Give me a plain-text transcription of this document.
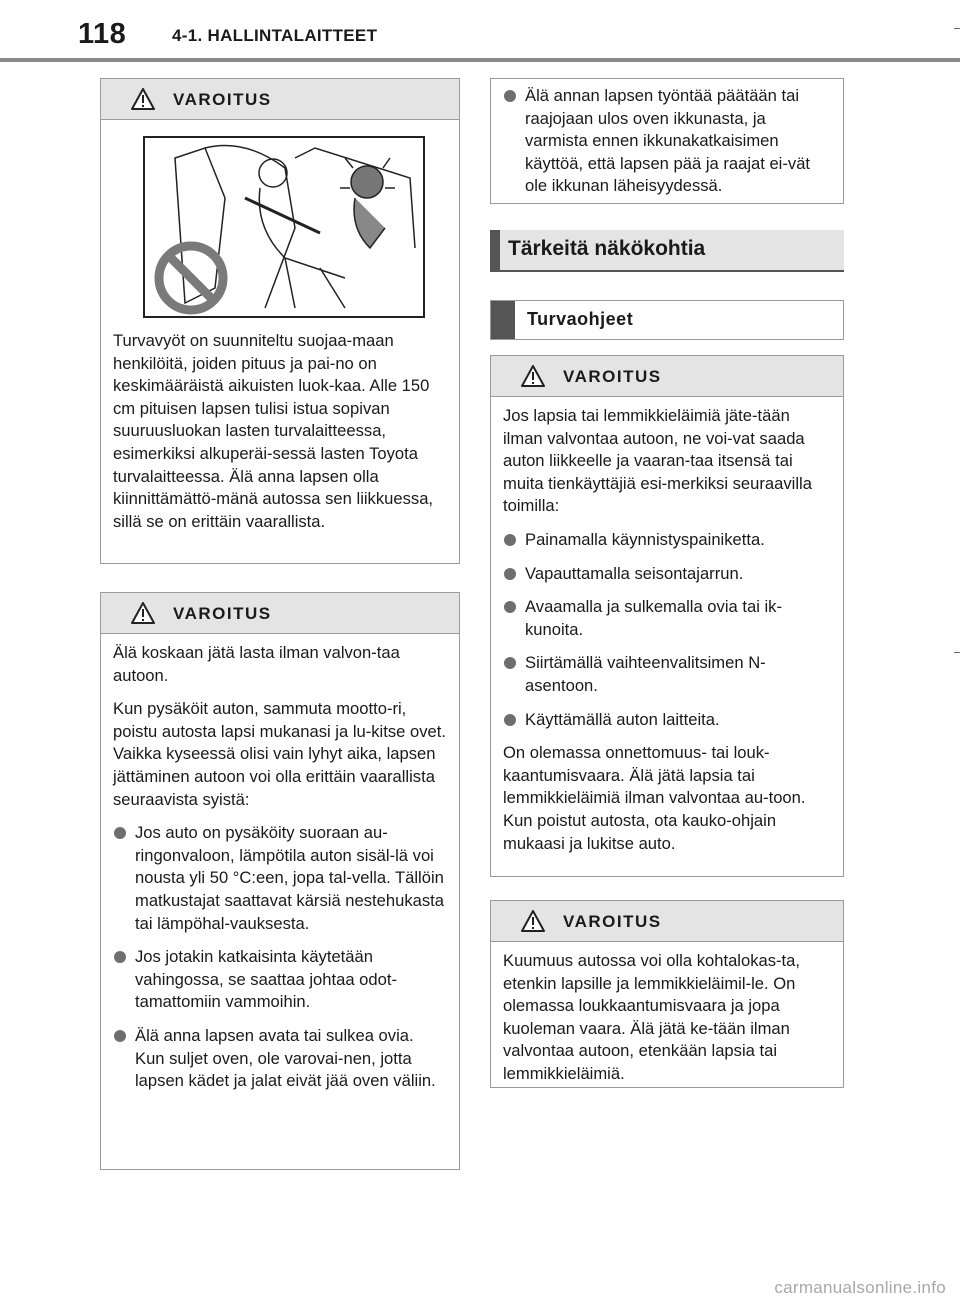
118	4-1. HALLINTALAITTEET
VAROITUS

Turvavyöt on suunniteltu suojaa-maan henkilöitä, joiden pituus ja pai-no on keskimääräistä aikuisten luok-kaa. Alle 150 cm pituisen lapsen tulisi istua sopivan suuruusluokan lasten turvalaitteessa, esimerkiksi alkuperäi-sessä lasten Toyota turvalaitteessa. Älä anna lapsen olla kiinnittämättö-mänä autossa sen liikkuessa, sillä se on erittäin vaarallista.

VAROITUS

Älä koskaan jätä lasta ilman valvon-taa autoon.

Kun pysäköit auton, sammuta mootto-ri, poistu autosta lapsi mukanasi ja lu-kitse ovet. Vaikka kyseessä olisi vain lyhyt aika, lapsen jättäminen autoon voi olla erittäin vaarallista seuraavista syistä:

Jos auto on pysäköity suoraan au-ringonvaloon, lämpötila auton sisäl-lä voi nousta yli 50 °C:een, jopa tal-vella. Tällöin matkustajat saattavat kärsiä nestehukasta tai lämpöhal-vauksesta.
Jos jotakin katkaisinta käytetään vahingossa, se saattaa johtaa odot-tamattomiin vammoihin.
Älä anna lapsen avata tai sulkea ovia. Kun suljet oven, ole varovai-nen, jotta lapsen kädet ja jalat eivät jää oven väliin.
Älä annan lapsen työntää päätään tai raajojaan ulos oven ikkunasta, ja varmista ennen ikkunakatkaisimen käyttöä, että lapsen pää ja raajat ei-vät ole ikkunan läheisyydessä.
Tärkeitä näkökohtia
Turvaohjeet
VAROITUS

Jos lapsia tai lemmikkieläimiä jäte-tään ilman valvontaa autoon, ne voi-vat saada auton liikkeelle ja vaaran-taa itsensä tai muita tienkäyttäjiä esi-merkiksi seuraavilla toimilla:

Painamalla käynnistyspainiketta.
Vapauttamalla seisontajarrun.
Avaamalla ja sulkemalla ovia tai ik-kunoita.
Siirtämällä vaihteenvalitsimen N-asentoon.
Käyttämällä auton laitteita.

On olemassa onnettomuus- tai louk-kaantumisvaara. Älä jätä lapsia tai lemmikkieläimiä ilman valvontaa au-toon. Kun poistut autosta, ota kauko-ohjain mukaasi ja lukitse auto.

VAROITUS

Kuumuus autossa voi olla kohtalokas-ta, etenkin lapsille ja lemmikkieläimil-le. On olemassa loukkaantumisvaara ja jopa kuoleman vaara. Älä jätä ke-tään ilman valvontaa autoon, etenkään lapsia tai lemmikkieläimiä.

carmanualsonline.info
